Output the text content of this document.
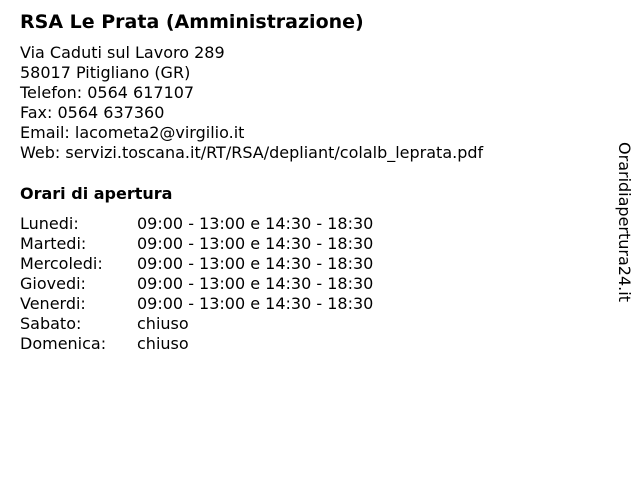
RSA Le Prata (Amministrazione)
Via Caduti sul Lavoro 289
58017 Pitigliano (GR)
Telefon: 0564 617107
Fax: 0564 637360
Email: lacometa2@virgilio.it
Web: servizi.toscana.it/RT/RSA/depliant/colalb_leprata.pdf
Orari di apertura
Lunedi:	09:00 - 13:00 e 14:30 - 18:30
Martedi:	09:00 - 13:00 e 14:30 - 18:30
Mercoledi: 09:00 - 13:00 e 14:30 - 18:30
Giovedi:	09:00 - 13:00 e 14:30 - 18:30
Venerdi:	09:00 - 13:00 e 14:30 - 18:30
Sabato:	chiuso
Domenica: chiuso
Oraridiapertura24.it
